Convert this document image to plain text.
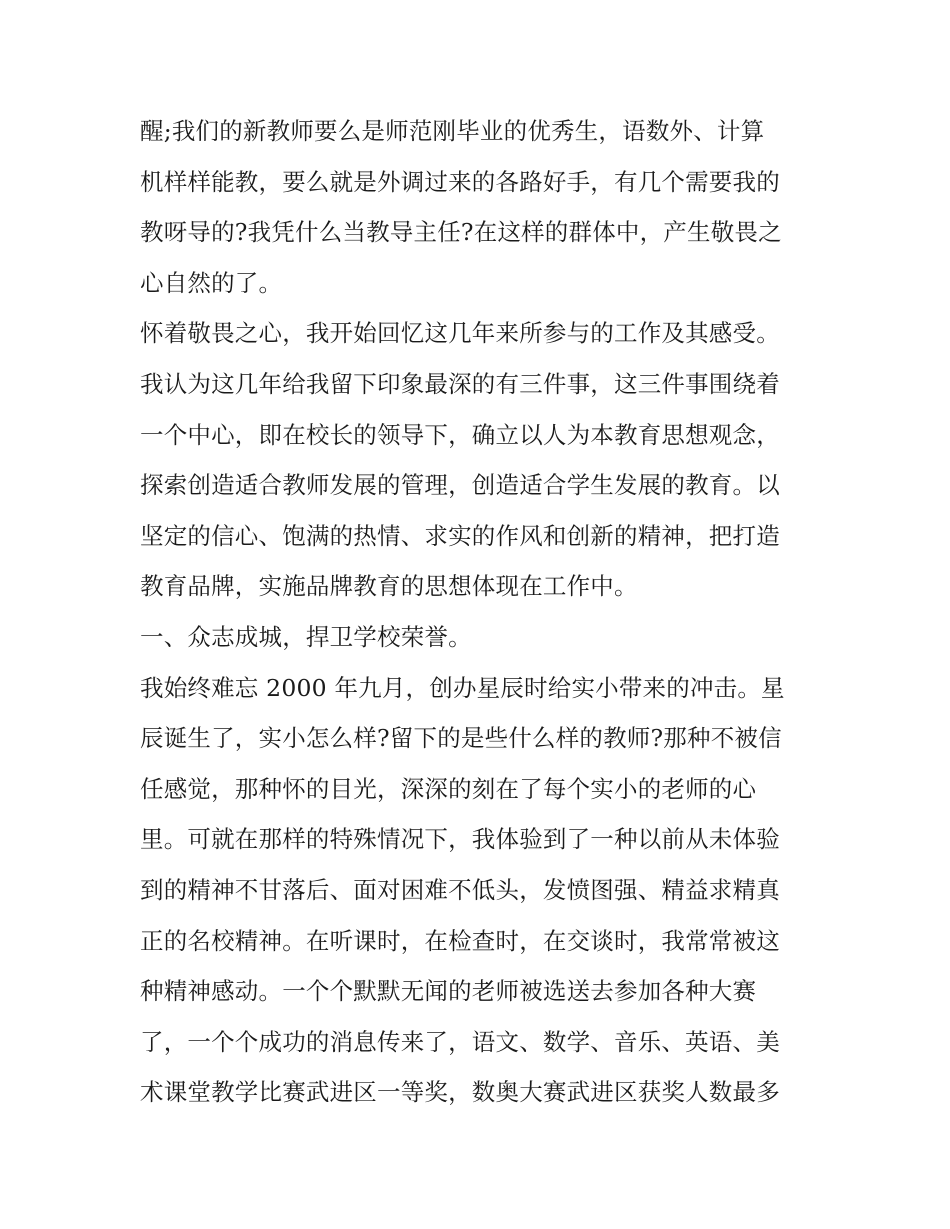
醒;我们的新教师要么是师范刚毕业的优秀生，语数外、计算
机样样能教，要么就是外调过来的各路好手，有几个需要我的
教呀导的?我凭什么当教导主任?在这样的群体中，产生敬畏之
心自然的了。
怀着敬畏之心，我开始回忆这几年来所参与的工作及其感受。
我认为这几年给我留下印象最深的有三件事，这三件事围绕着
一个中心，即在校长的领导下，确立以人为本教育思想观念，
探索创造适合教师发展的管理，创造适合学生发展的教育。以
坚定的信心、饱满的热情、求实的作风和创新的精神，把打造
教育品牌，实施品牌教育的思想体现在工作中。
一、众志成城，捍卫学校荣誉。
我始终难忘 2000 年九月，创办星辰时给实小带来的冲击。星
辰诞生了，实小怎么样?留下的是些什么样的教师?那种不被信
任感觉，那种怀的目光，深深的刻在了每个实小的老师的心
里。可就在那样的特殊情况下，我体验到了一种以前从未体验
到的精神不甘落后、面对困难不低头，发愤图强、精益求精真
正的名校精神。在听课时，在检查时，在交谈时，我常常被这
种精神感动。一个个默默无闻的老师被选送去参加各种大赛
了，一个个成功的消息传来了，语文、数学、音乐、英语、美
术课堂教学比赛武进区一等奖，数奥大赛武进区获奖人数最多
